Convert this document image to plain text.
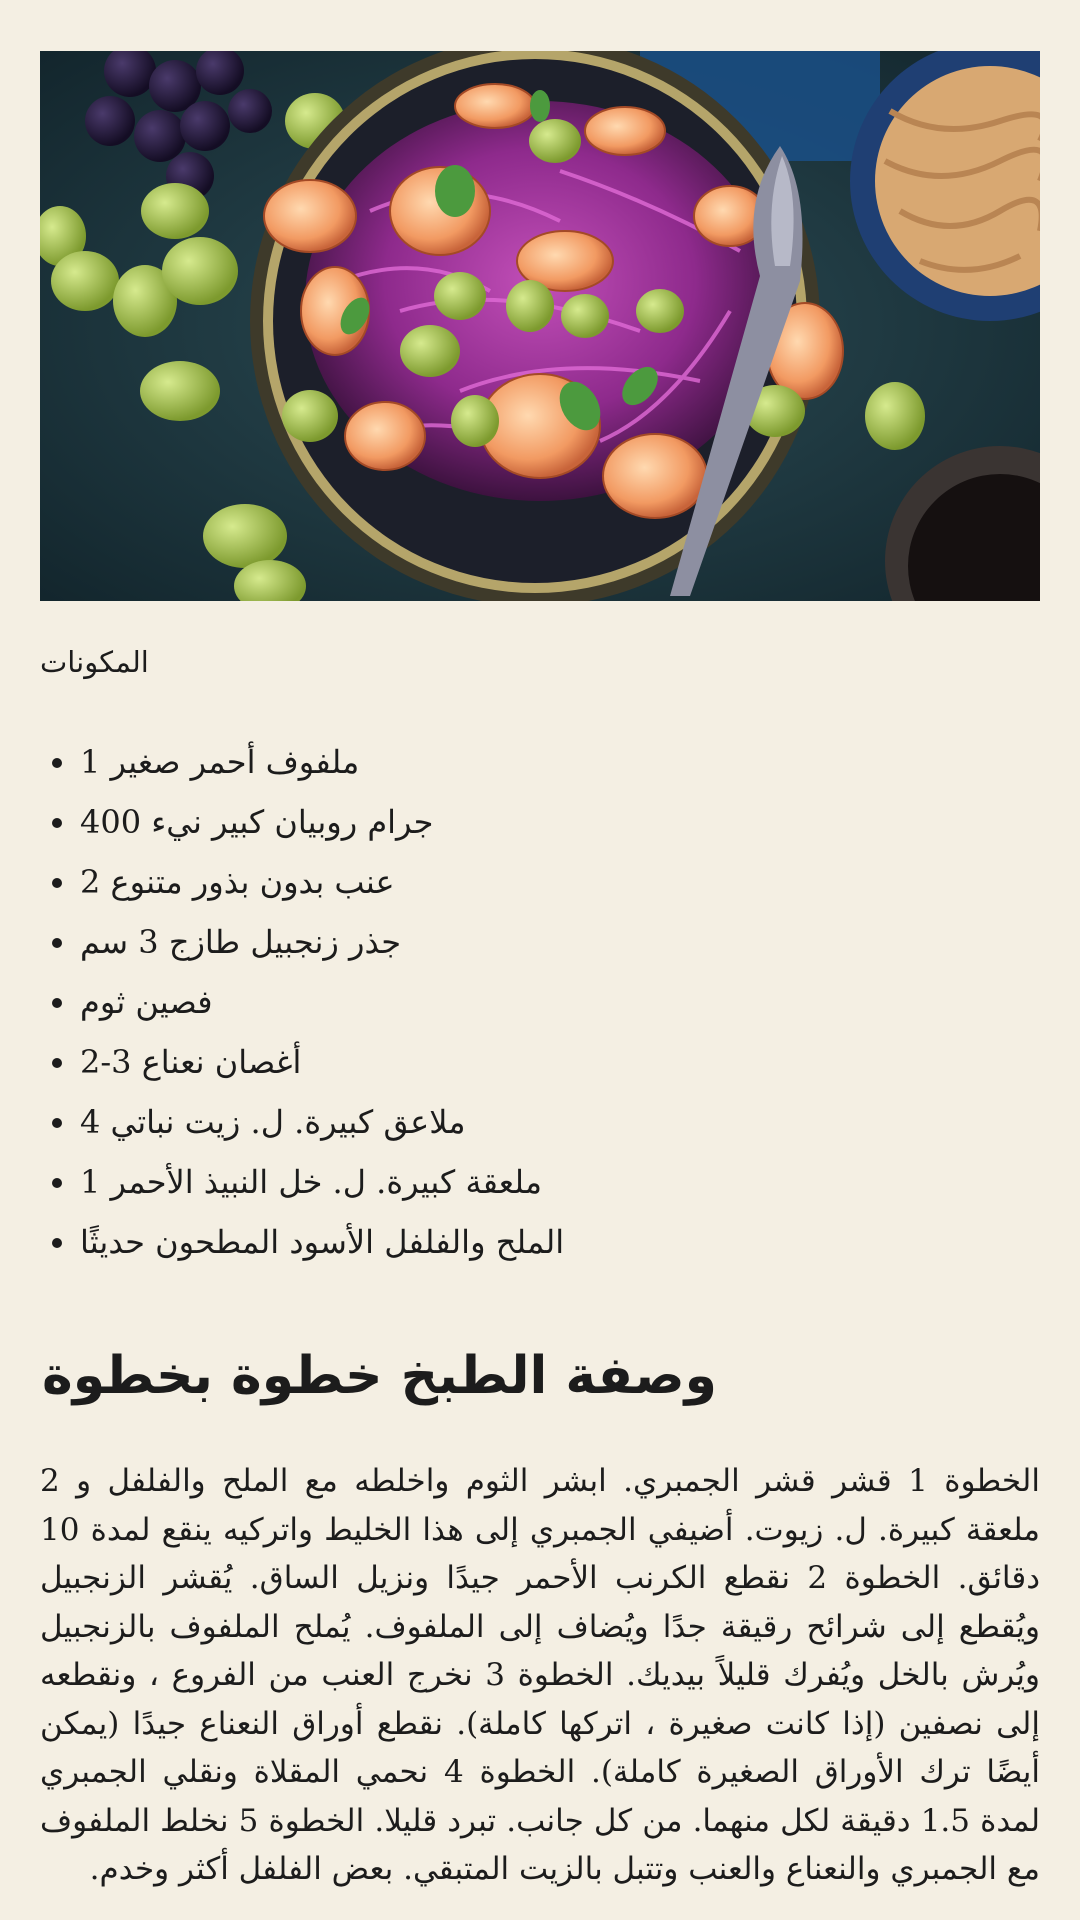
المكونات
ملفوف أحمر صغير 1
جرام روبيان كبير نيء 400
عنب بدون بذور متنوع 2
جذر زنجبيل طازج 3 سم
فصين ثوم
أغصان نعناع 3-2
ملاعق كبيرة. ل. زيت نباتي 4
ملعقة كبيرة. ل. خل النبيذ الأحمر 1
الملح والفلفل الأسود المطحون حديثًا
وصفة الطبخ خطوة بخطوة

الخطوة 1 قشر قشر الجمبري. ابشر الثوم واخلطه مع الملح والفلفل و 2 ملعقة كبيرة. ل. زيوت. أضيفي الجمبري إلى هذا الخليط واتركيه ينقع لمدة 10 دقائق. الخطوة 2 نقطع الكرنب الأحمر جيدًا ونزيل الساق. يُقشر الزنجبيل ويُقطع إلى شرائح رقيقة جدًا ويُضاف إلى الملفوف. يُملح الملفوف بالزنجبيل ويُرش بالخل ويُفرك قليلاً بيديك. الخطوة 3 نخرج العنب من الفروع ، ونقطعه إلى نصفين (إذا كانت صغيرة ، اتركها كاملة). نقطع أوراق النعناع جيدًا (يمكن أيضًا ترك الأوراق الصغيرة كاملة). الخطوة 4 نحمي المقلاة ونقلي الجمبري لمدة 1.5 دقيقة لكل منهما. من كل جانب. تبرد قليلا. الخطوة 5 نخلط الملفوف مع الجمبري والنعناع والعنب وتتبل بالزيت المتبقي. بعض الفلفل أكثر وخدم.
